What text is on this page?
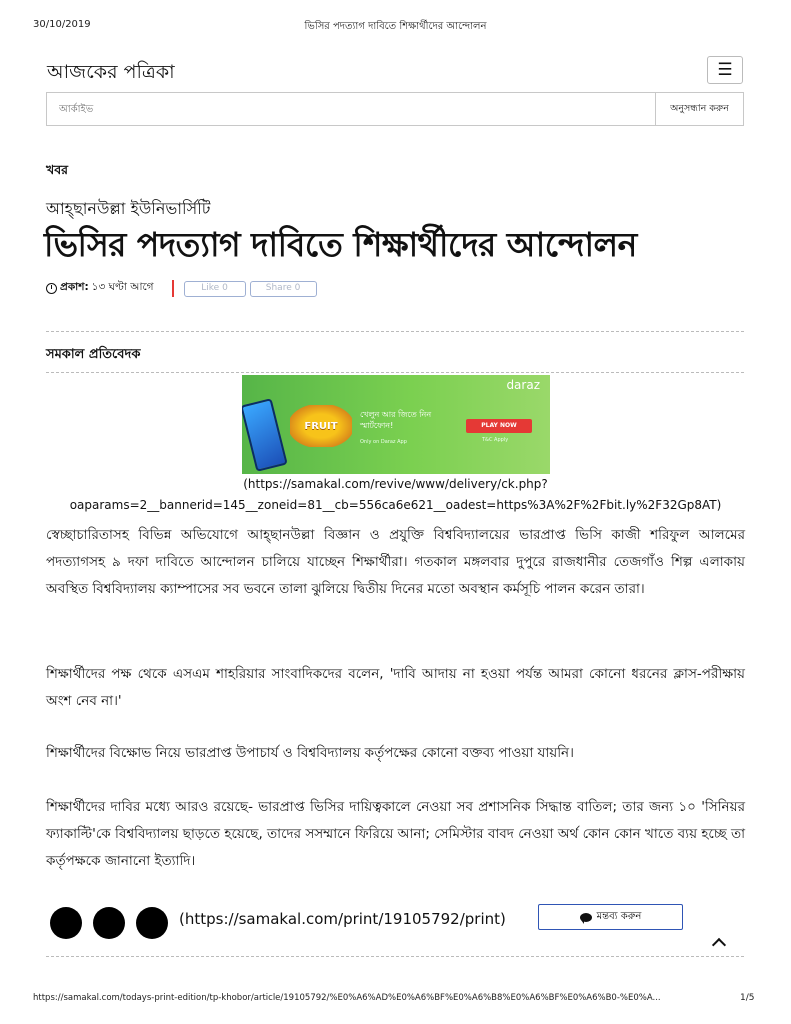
30/10/2019	ভিসির পদত্যাগ দাবিতে শিক্ষার্থীদের আন্দোলন
আজকের পত্রিকা	☰
আর্কাইভ
অনুসন্ধান করুন
খবর
আহ্ছানউল্লা ইউনিভার্সিটি
ভিসির পদত্যাগ দাবিতে শিক্ষার্থীদের আন্দোলন
প্রকাশ: ১৩ ঘণ্টা আগে	Like 0	Share 0
সমকাল প্রতিবেদক
daraz
FRUIT
খেলুন আর জিতে নিন স্মার্টফোন!
Only on Daraz App
PLAY NOW
T&C Apply
(https://samakal.com/revive/www/delivery/ck.php?
oaparams=2__bannerid=145__zoneid=81__cb=556ca6e621__oadest=https%3A%2F%2Fbit.ly%2F32Gp8AT)
স্বেচ্ছাচারিতাসহ বিভিন্ন অভিযোগে আহ্ছানউল্লা বিজ্ঞান ও প্রযুক্তি বিশ্ববিদ্যালয়ের ভারপ্রাপ্ত ভিসি কাজী শরিফুল আলমের পদত্যাগসহ ৯ দফা দাবিতে আন্দোলন চালিয়ে যাচ্ছেন শিক্ষার্থীরা। গতকাল মঙ্গলবার দুপুরে রাজধানীর তেজগাঁও শিল্প এলাকায় অবস্থিত বিশ্ববিদ্যালয় ক্যাম্পাসের সব ভবনে তালা ঝুলিয়ে দ্বিতীয় দিনের মতো অবস্থান কর্মসূচি পালন করেন তারা।
শিক্ষার্থীদের পক্ষ থেকে এসএম শাহরিয়ার সাংবাদিকদের বলেন, 'দাবি আদায় না হওয়া পর্যন্ত আমরা কোনো ধরনের ক্লাস-পরীক্ষায় অংশ নেব না।'
শিক্ষার্থীদের বিক্ষোভ নিয়ে ভারপ্রাপ্ত উপাচার্য ও বিশ্ববিদ্যালয় কর্তৃপক্ষের কোনো বক্তব্য পাওয়া যায়নি।
শিক্ষার্থীদের দাবির মধ্যে আরও রয়েছে- ভারপ্রাপ্ত ভিসির দায়িত্বকালে নেওয়া সব প্রশাসনিক সিদ্ধান্ত বাতিল; তার জন্য ১০ 'সিনিয়র ফ্যাকাল্টি'কে বিশ্ববিদ্যালয় ছাড়তে হয়েছে, তাদের সসম্মানে ফিরিয়ে আনা; সেমিস্টার বাবদ নেওয়া অর্থ কোন কোন খাতে ব্যয় হচ্ছে তা কর্তৃপক্ষকে জানানো ইত্যাদি।
(https://samakal.com/print/19105792/print)	মন্তব্য করুন
https://samakal.com/todays-print-edition/tp-khobor/article/19105792/%E0%A6%AD%E0%A6%BF%E0%A6%B8%E0%A6%BF%E0%A6%B0-%E0%A...	1/5
